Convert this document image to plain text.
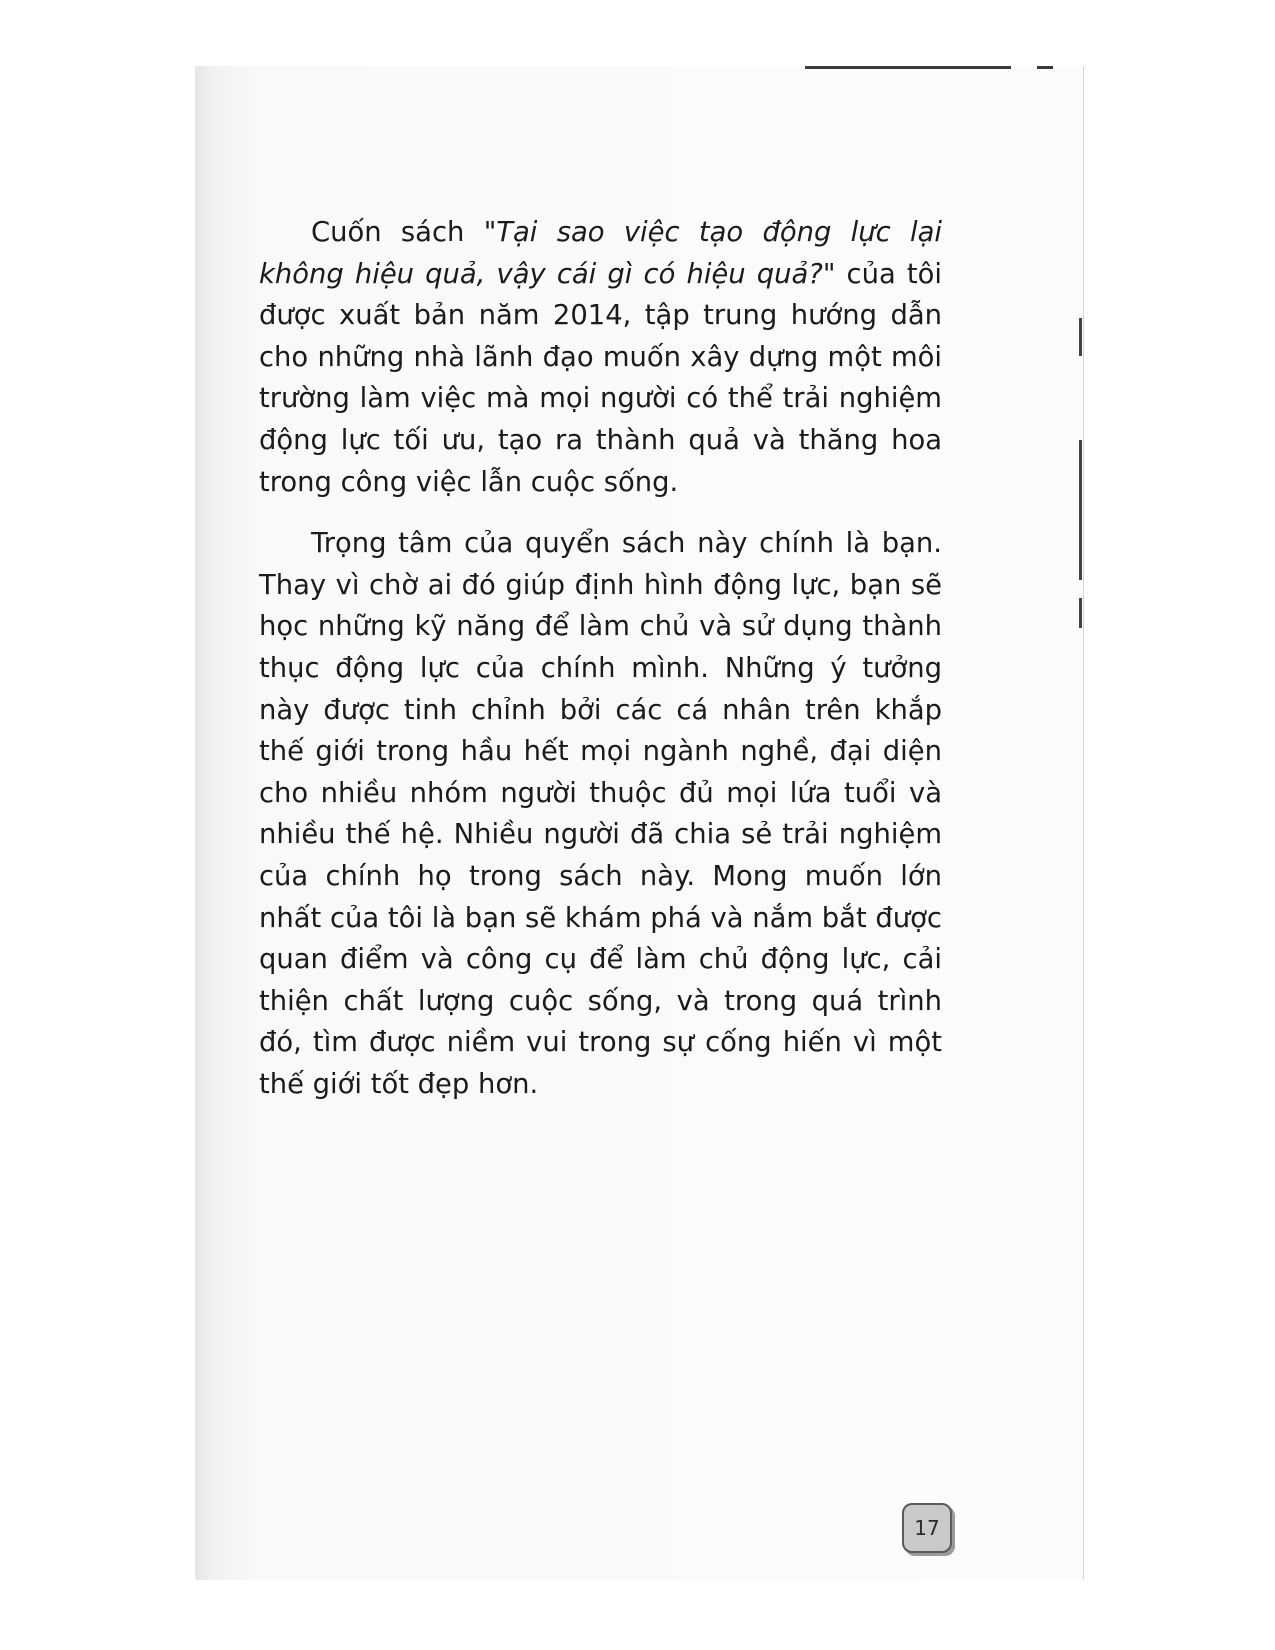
Cuốn sách "Tại sao việc tạo động lực lại không hiệu quả, vậy cái gì có hiệu quả?" của tôi được xuất bản năm 2014, tập trung hướng dẫn cho những nhà lãnh đạo muốn xây dựng một môi trường làm việc mà mọi người có thể trải nghiệm động lực tối ưu, tạo ra thành quả và thăng hoa trong công việc lẫn cuộc sống.

Trọng tâm của quyển sách này chính là bạn. Thay vì chờ ai đó giúp định hình động lực, bạn sẽ học những kỹ năng để làm chủ và sử dụng thành thục động lực của chính mình. Những ý tưởng này được tinh chỉnh bởi các cá nhân trên khắp thế giới trong hầu hết mọi ngành nghề, đại diện cho nhiều nhóm người thuộc đủ mọi lứa tuổi và nhiều thế hệ. Nhiều người đã chia sẻ trải nghiệm của chính họ trong sách này. Mong muốn lớn nhất của tôi là bạn sẽ khám phá và nắm bắt được quan điểm và công cụ để làm chủ động lực, cải thiện chất lượng cuộc sống, và trong quá trình đó, tìm được niềm vui trong sự cống hiến vì một thế giới tốt đẹp hơn.

17
